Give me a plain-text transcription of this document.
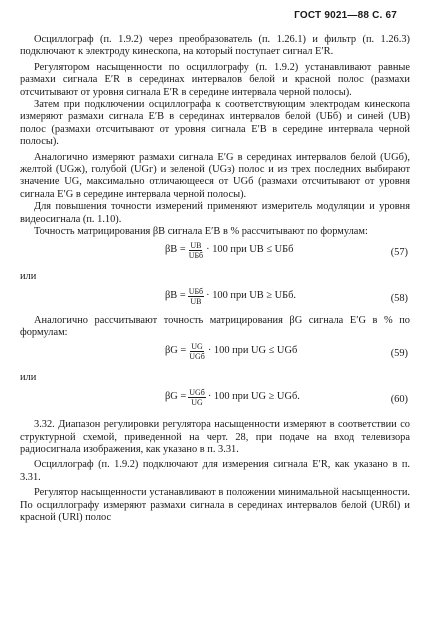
ГОСТ 9021—88 С. 67

Осциллограф (п. 1.9.2) через преобразователь (п. 1.26.1) и фильтр (п. 1.26.3) подключают к электроду кинескопа, на который поступает сигнал E′R.

Регулятором насыщенности по осциллографу (п. 1.9.2) устанавливают равные размахи сигнала E′R в серединах интервалов белой и красной полос (размахи отсчитывают от уровня сигнала E′R в середине интервала черной полосы).

Затем при подключении осциллографа к соответствующим электродам кинескопа измеряют размахи сигнала E′B в серединах интервалов белой (UБб) и синей (UB) полос (размахи отсчитывают от уровня сигнала E′B в середине интервала черной полосы).

Аналогично измеряют размахи сигнала E′G в серединах интервалов белой (UGб), желтой (UGж), голубой (UGг) и зеленой (UGз) полос и из трех последних выбирают значение UG, максимально отличающееся от UGб (размахи отсчитывают от уровня сигнала E′G в середине интервала черной полосы).

Для повышения точности измерений применяют измеритель модуляции и уровня видеосигнала (п. 1.10).

Точность матрицирования βB сигнала E′B в % рассчитывают по формулам:

$\beta B = \frac{UB}{\text{UБб}} \cdot 100$ при UB ≤ UБб	(57)

или

$\beta B = \frac{\text{UБб}}{UB} \cdot 100$ при UB ≥ UБб.	(58)

Аналогично рассчитывают точность матрицирования βG сигнала E′G в % по формулам:

$\beta G = \frac{UG}{\text{UGб}} \cdot 100$ при UG ≤ UGб	(59)

или

$\beta G = \frac{\text{UGб}}{UG} \cdot 100$ при UG ≥ UGб.	(60)

3.32. Диапазон регулировки регулятора насыщенности измеряют в соответствии со структурной схемой, приведенной на черт. 28, при подаче на вход телевизора радиосигнала изображения, как указано в п. 3.31.

Осциллограф (п. 1.9.2) подключают для измерения сигнала E′R, как указано в п. 3.31.

Регулятор насыщенности устанавливают в положении минимальной насыщенности. По осциллографу измеряют размахи сигнала в серединах интервалов белой (URбl) и красной (URl) полос
